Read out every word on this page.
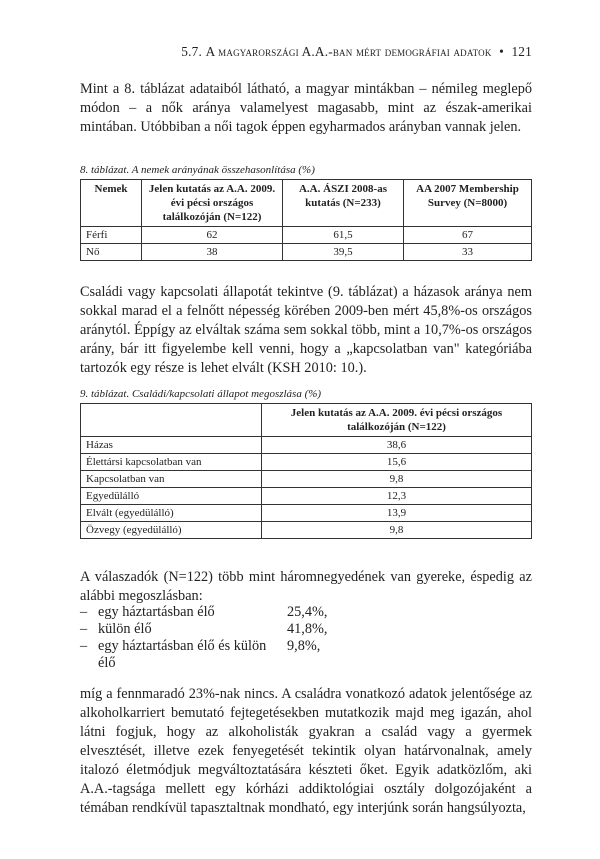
5.7. A magyarországi A.A.-ban mért demográfiai adatok • 121

Mint a 8. táblázat adataiból látható, a magyar mintákban – némileg meglepő módon – a nők aránya valamelyest magasabb, mint az észak-amerikai mintában. Utóbbiban a női tagok éppen egyharmados arányban vannak jelen.

8. táblázat. A nemek arányának összehasonlítása (%)
Nemek	Jelen kutatás az A.A. 2009. évi pécsi országos találkozóján (N=122)	A.A. ÁSZI 2008-as kutatás (N=233)	AA 2007 Membership Survey (N=8000)
Férfi	62	61,5	67
Nő	38	39,5	33

Családi vagy kapcsolati állapotát tekintve (9. táblázat) a házasok aránya nem sokkal marad el a felnőtt népesség körében 2009-ben mért 45,8%-os országos aránytól. Éppígy az elváltak száma sem sokkal több, mint a 10,7%-os országos arány, bár itt figyelembe kell venni, hogy a „kapcsolatban van" kategóriába tartozók egy része is lehet elvált (KSH 2010: 10.).

9. táblázat. Családi/kapcsolati állapot megoszlása (%)
	Jelen kutatás az A.A. 2009. évi pécsi országos találkozóján (N=122)
Házas	38,6
Élettársi kapcsolatban van	15,6
Kapcsolatban van	9,8
Egyedülálló	12,3
Elvált (egyedülálló)	13,9
Özvegy (egyedülálló)	9,8

A válaszadók (N=122) több mint háromnegyedének van gyereke, éspedig az alábbi megoszlásban:

– egy háztartásban élő	25,4%,
– külön élő	41,8%,
– egy háztartásban élő és külön élő
9,8%,

míg a fennmaradó 23%-nak nincs. A családra vonatkozó adatok jelentősége az alkoholkarriert bemutató fejtegetésekben mutatkozik majd meg igazán, ahol látni fogjuk, hogy az alkoholisták gyakran a család vagy a gyermek elvesztését, illetve ezek fenyegetését tekintik olyan határvonalnak, amely italozó életmódjuk megváltoztatására készteti őket. Egyik adatközlőm, aki A.A.-tagsága mellett egy kórházi addiktológiai osztály dolgozójaként a témában rendkívül tapasztaltnak mondható, egy interjúnk során hangsúlyozta,
